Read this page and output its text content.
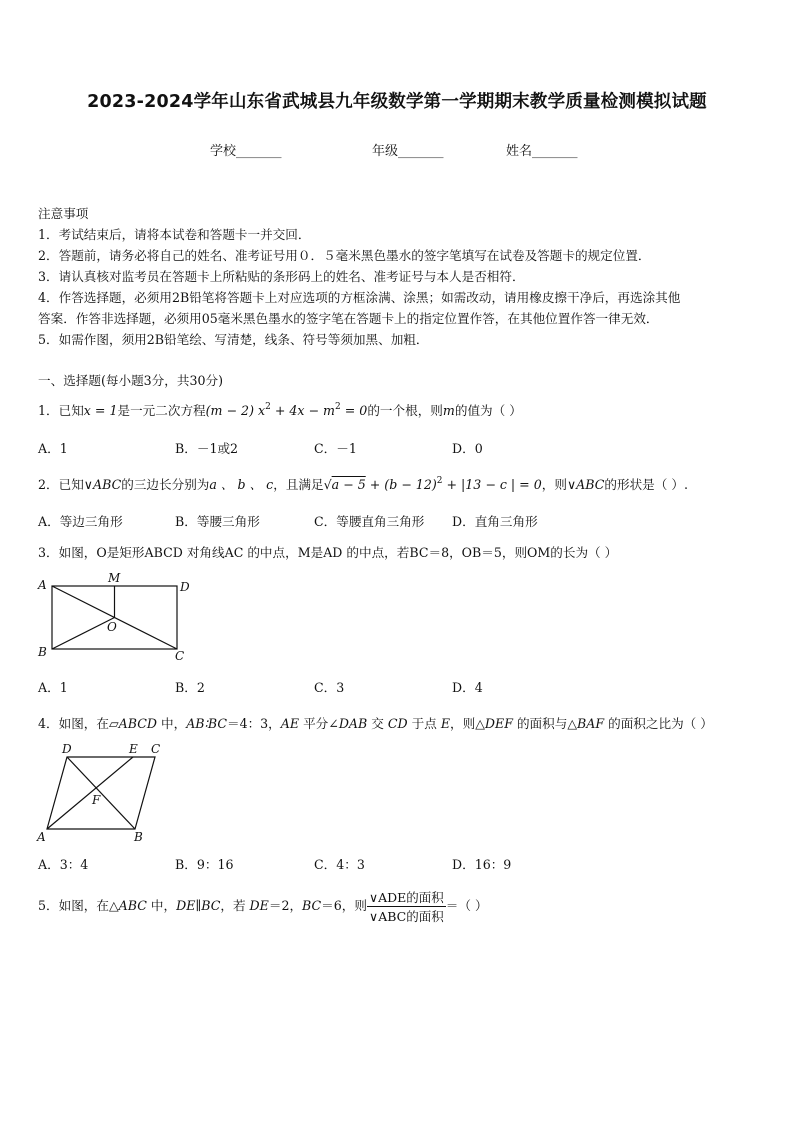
2023-2024学年山东省武城县九年级数学第一学期期末教学质量检测模拟试题
学校_______	年级_______	姓名_______
注意事项
1．考试结束后，请将本试卷和答题卡一并交回．
2．答题前，请务必将自己的姓名、准考证号用０．５毫米黑色墨水的签字笔填写在试卷及答题卡的规定位置．
3．请认真核对监考员在答题卡上所粘贴的条形码上的姓名、准考证号与本人是否相符．
4．作答选择题，必须用2B铅笔将答题卡上对应选项的方框涂满、涂黑；如需改动，请用橡皮擦干净后，再选涂其他
答案．作答非选择题，必须用05毫米黑色墨水的签字笔在答题卡上的指定位置作答，在其他位置作答一律无效．
5．如需作图，须用2B铅笔绘、写清楚，线条、符号等须加黑、加粗．
一、选择题(每小题3分，共30分)
1．已知x = 1是一元二次方程(m − 2) $x^2 + 4x - m^2 = 0$的一个根，则m的值为（ ）
A．1	B．－1或2	C．－1	D．0
2．已知∨ABC的三边长分别为a 、 b 、 c，且满足$√a - 5 + (b - 12)^2 + |13 - c$ | = 0，则∨ABC的形状是（ ）.
A．等边三角形	B．等腰三角形	C．等腰直角三角形 D．直角三角形
3．如图，O是矩形ABCD 对角线AC 的中点，M是AD 的中点，若BC＝8，OB＝5，则OM的长为（ ）
A	M
D
O
B	C
A．1	B．2	C．3	D．4
4．如图，在▱ABCD 中，AB∶BC＝4：3，AE 平分∠DAB 交 CD 于点 E，则△DEF 的面积与△BAF 的面积之比为（ ）
D	E C
F
A	B
A．3：4	B．9：16	C．4：3	D．16：9
5．如图，在△ABC 中，DE∥BC，若 DE＝2，BC＝6，则 $\frac{\text{∨ADE的面积}}{\text{∨ABC的面积}}$ ＝（ ）
